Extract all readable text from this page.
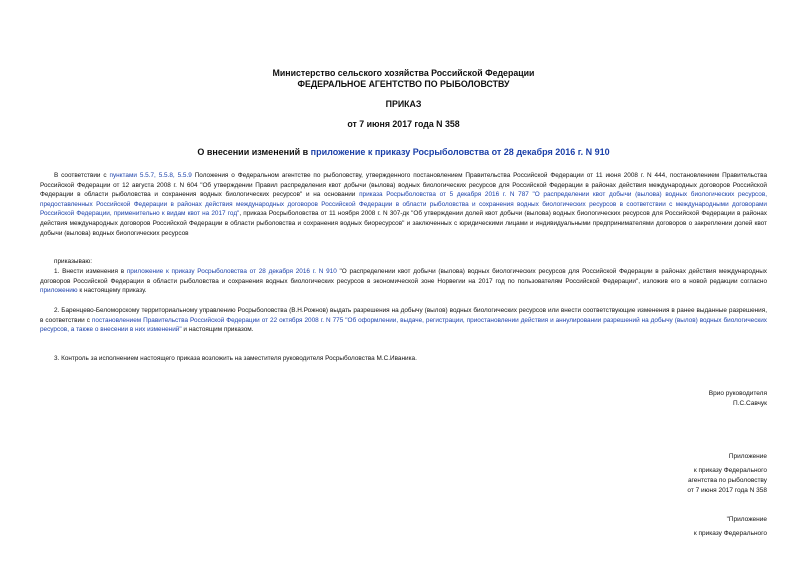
Министерство сельского хозяйства Российской Федерации
ФЕДЕРАЛЬНОЕ АГЕНТСТВО ПО РЫБОЛОВСТВУ
ПРИКАЗ
от 7 июня 2017 года N 358
О внесении изменений в приложение к приказу Росрыболовства от 28 декабря 2016 г. N 910
В соответствии с пунктами 5.5.7, 5.5.8, 5.5.9 Положения о Федеральном агентстве по рыболовству, утвержденного постановлением Правительства Российской Федерации от 11 июня 2008 г. N 444, постановлением Правительства Российской Федерации от 12 августа 2008 г. N 604 "Об утверждении Правил распределения квот добычи (вылова) водных биологических ресурсов для Российской Федерации в районах действия международных договоров Российской Федерации в области рыболовства и сохранения водных биологических ресурсов" и на основании приказа Росрыболовства от 5 декабря 2016 г. N 787 "О распределении квот добычи (вылова) водных биологических ресурсов, предоставленных Российской Федерации в районах действия международных договоров Российской Федерации в области рыболовства и сохранения водных биологических ресурсов в соответствии с международными договорами Российской Федерации, применительно к видам квот на 2017 год", приказа Росрыболовства от 11 ноября 2008 г. N 307-дк "Об утверждении долей квот добычи (вылова) водных биологических ресурсов для Российской Федерации в районах действия международных договоров Российской Федерации в области рыболовства и сохранения водных биоресурсов" и заключенных с юридическими лицами и индивидуальными предпринимателями договоров о закреплении долей квот добычи (вылова) водных биологических ресурсов
приказываю:
1. Внести изменения в приложение к приказу Росрыболовства от 28 декабря 2016 г. N 910 "О распределении квот добычи (вылова) водных биологических ресурсов для Российской Федерации в районах действия международных договоров Российской Федерации в области рыболовства и сохранения водных биологических ресурсов в экономической зоне Норвегии на 2017 год по пользователям Российской Федерации", изложив его в новой редакции согласно приложению к настоящему приказу.
2. Баренцево-Беломорскому территориальному управлению Росрыболовства (В.Н.Рожнов) выдать разрешения на добычу (вылов) водных биологических ресурсов или внести соответствующие изменения в ранее выданные разрешения, в соответствии с постановлением Правительства Российской Федерации от 22 октября 2008 г. N 775 "Об оформлении, выдаче, регистрации, приостановлении действия и аннулировании разрешений на добычу (вылов) водных биологических ресурсов, а также о внесении в них изменений" и настоящим приказом.
3. Контроль за исполнением настоящего приказа возложить на заместителя руководителя Росрыболовства М.С.Иваника.
Врио руководителя
П.С.Савчук
Приложение
к приказу Федерального
агентства по рыболовству
от 7 июня 2017 года N 358
"Приложение
к приказу Федерального
